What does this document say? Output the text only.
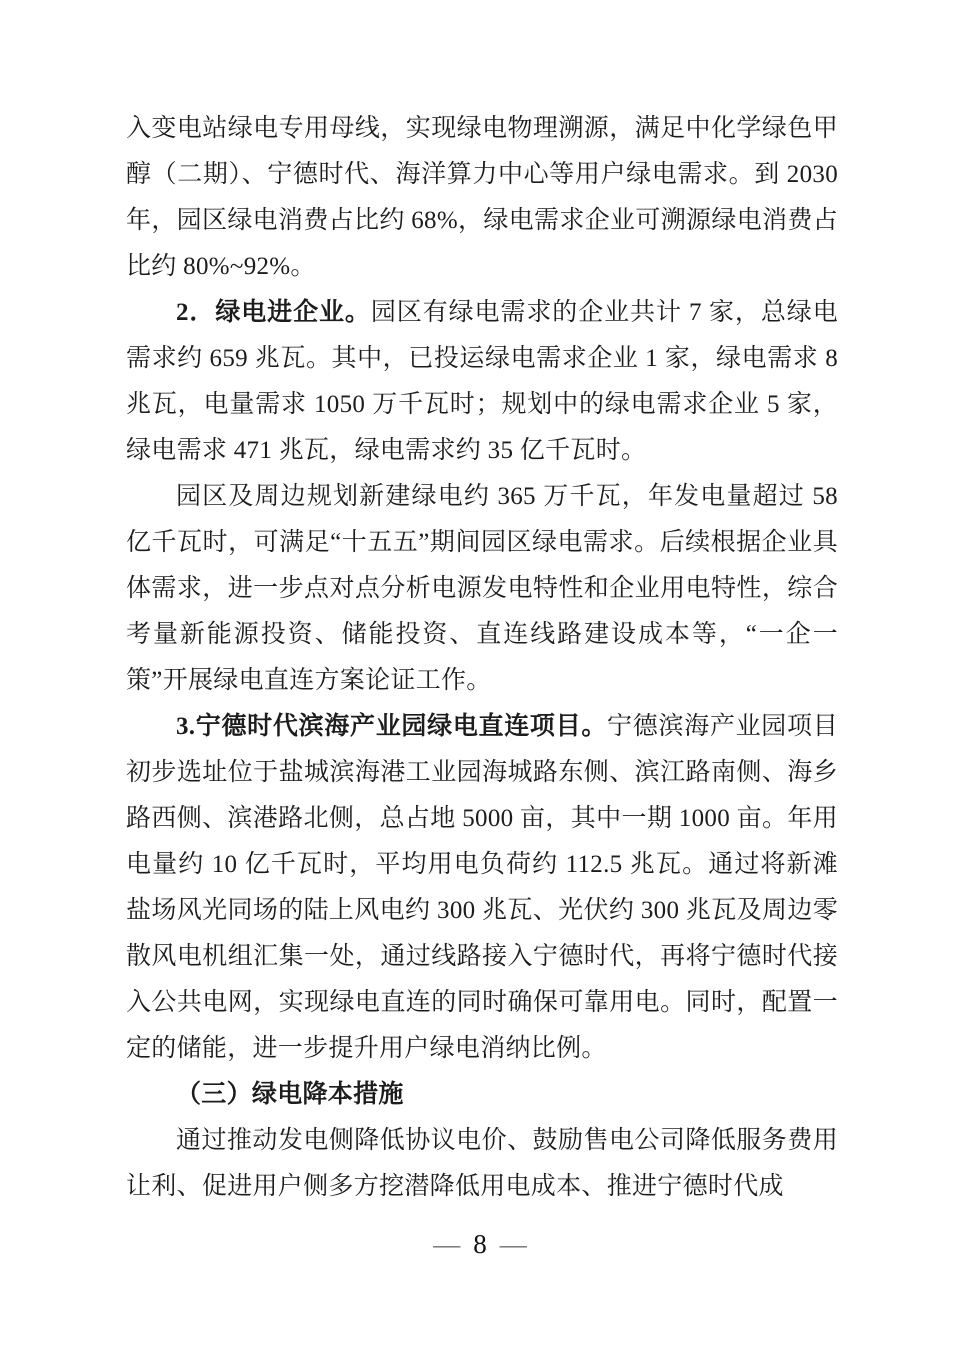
入变电站绿电专用母线，实现绿电物理溯源，满足中化学绿色甲醇（二期）、宁德时代、海洋算力中心等用户绿电需求。到 2030 年，园区绿电消费占比约 68%，绿电需求企业可溯源绿电消费占比约 80%~92%。

2．绿电进企业。园区有绿电需求的企业共计 7 家，总绿电需求约 659 兆瓦。其中，已投运绿电需求企业 1 家，绿电需求 8 兆瓦，电量需求 1050 万千瓦时；规划中的绿电需求企业 5 家，绿电需求 471 兆瓦，绿电需求约 35 亿千瓦时。

园区及周边规划新建绿电约 365 万千瓦，年发电量超过 58 亿千瓦时，可满足“十五五”期间园区绿电需求。后续根据企业具体需求，进一步点对点分析电源发电特性和企业用电特性，综合考量新能源投资、储能投资、直连线路建设成本等，“一企一策”开展绿电直连方案论证工作。

3.宁德时代滨海产业园绿电直连项目。宁德滨海产业园项目初步选址位于盐城滨海港工业园海城路东侧、滨江路南侧、海乡路西侧、滨港路北侧，总占地 5000 亩，其中一期 1000 亩。年用电量约 10 亿千瓦时，平均用电负荷约 112.5 兆瓦。通过将新滩盐场风光同场的陆上风电约 300 兆瓦、光伏约 300 兆瓦及周边零散风电机组汇集一处，通过线路接入宁德时代，再将宁德时代接入公共电网，实现绿电直连的同时确保可靠用电。同时，配置一定的储能，进一步提升用户绿电消纳比例。

（三）绿电降本措施

通过推动发电侧降低协议电价、鼓励售电公司降低服务费用让利、促进用户侧多方挖潜降低用电成本、推进宁德时代成

— 8 —
